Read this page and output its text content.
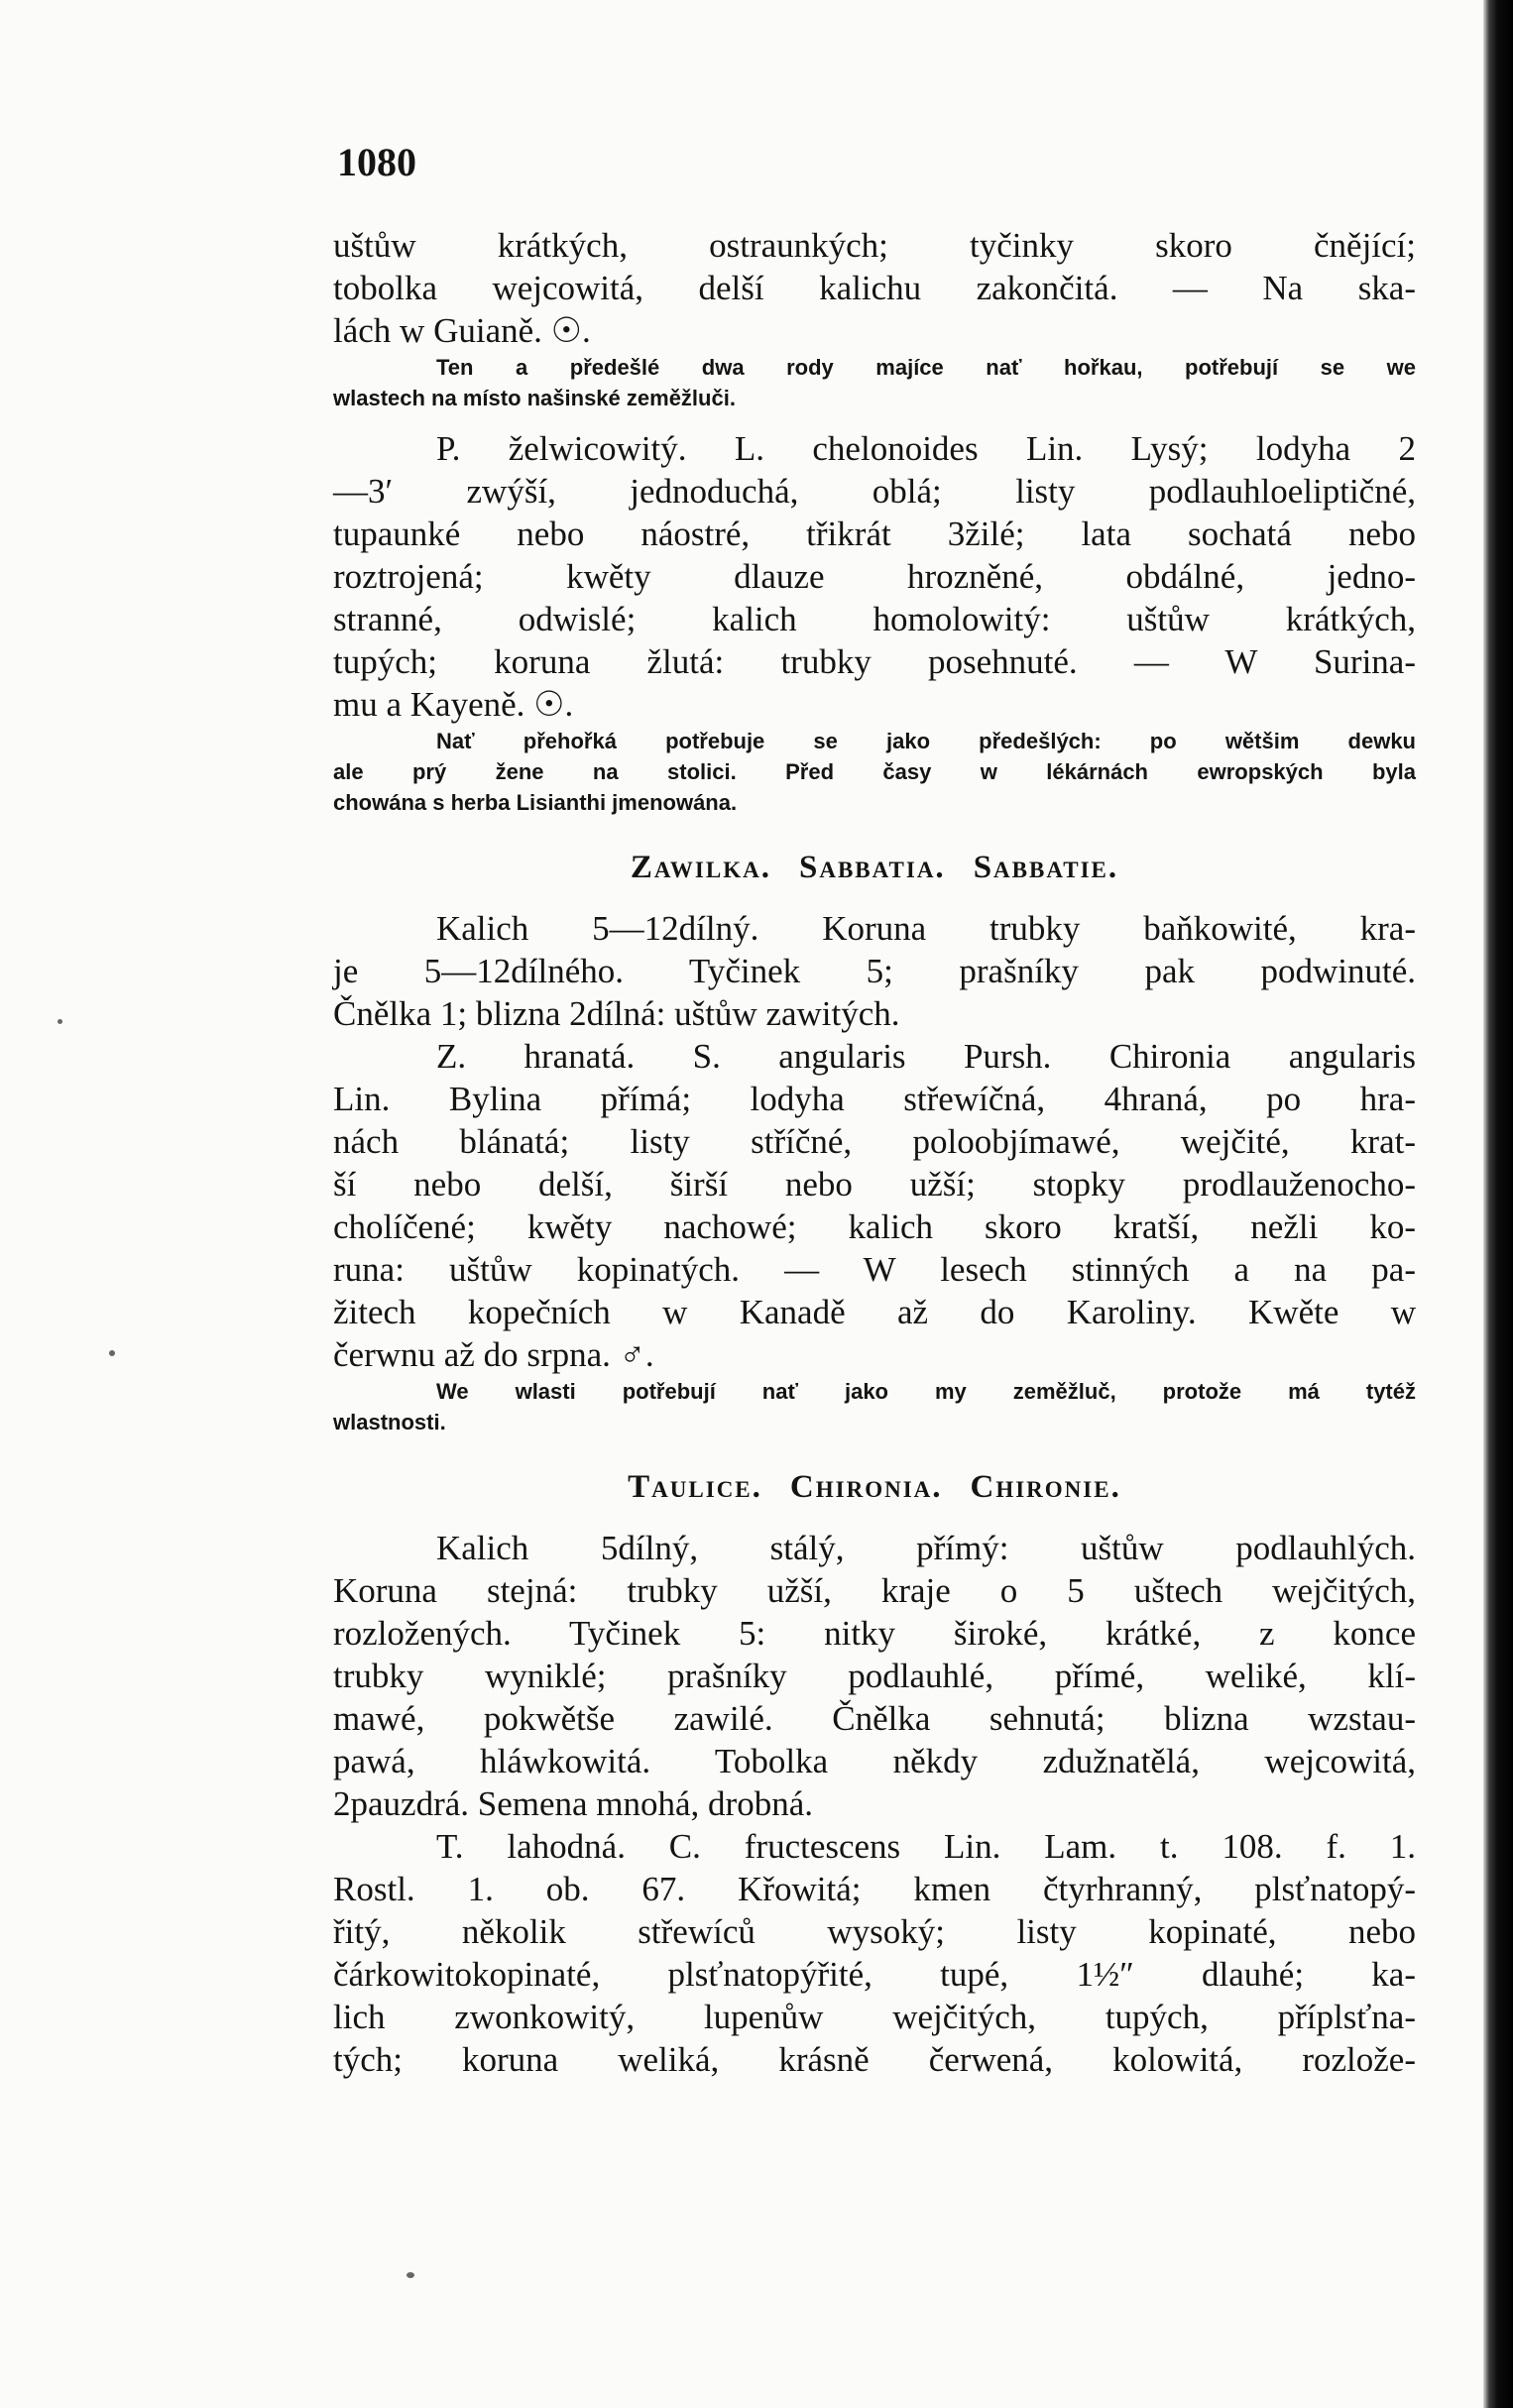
1080
uštůw krátkých, ostraunkých; tyčinky skoro čnějící;
tobolka wejcowitá, delší kalichu zakončitá. — Na ska-
lách w Guianě. ☉.
Ten a předešlé dwa rody majíce nať hořkau, potřebují se we
wlastech na místo našinské zeměžluči.
P. želwicowitý. L. chelonoides Lin. Lysý; lodyha 2
—3′ zwýší, jednoduchá, oblá; listy podlauhloeliptičné,
tupaunké nebo náostré, třikrát 3žilé; lata sochatá nebo
roztrojená; kwěty dlauze hrozněné, obdálné, jedno-
stranné, odwislé; kalich homolowitý: uštůw krátkých,
tupých; koruna žlutá: trubky posehnuté. — W Surina-
mu a Kayeně. ☉.
Nať přehořká potřebuje se jako předešlých: po wětšim dewku
ale prý žene na stolici. Před časy w lékárnách ewropských byla
chowána s herba Lisianthi jmenowána.
Zawilka. Sabbatia. Sabbatie.
Kalich 5—12dílný. Koruna trubky baňkowité, kra-
je 5—12dílného. Tyčinek 5; prašníky pak podwinuté.
Čnělka 1; blizna 2dílná: uštůw zawitých.
Z. hranatá. S. angularis Pursh. Chironia angularis
Lin. Bylina přímá; lodyha střewíčná, 4hraná, po hra-
nách blánatá; listy stříčné, poloobjímawé, wejčité, krat-
ší nebo delší, širší nebo užší; stopky prodlauženocho-
cholíčené; kwěty nachowé; kalich skoro kratší, nežli ko-
runa: uštůw kopinatých. — W lesech stinných a na pa-
žitech kopečních w Kanadě až do Karoliny. Kwěte w
čerwnu až do srpna. ♂.
We wlasti potřebují nať jako my zeměžluč, protože má tytéž
wlastnosti.
Taulice. Chironia. Chironie.
Kalich 5dílný, stálý, přímý: uštůw podlauhlých.
Koruna stejná: trubky užší, kraje o 5 uštech wejčitých,
rozložených. Tyčinek 5: nitky široké, krátké, z konce
trubky wyniklé; prašníky podlauhlé, přímé, weliké, klí-
mawé, pokwětše zawilé. Čnělka sehnutá; blizna wzstau-
pawá, hláwkowitá. Tobolka někdy zdužnatělá, wejcowitá,
2pauzdrá. Semena mnohá, drobná.
T. lahodná. C. fructescens Lin. Lam. t. 108. f. 1.
Rostl. 1. ob. 67. Křowitá; kmen čtyrhranný, plsťnatopý-
řitý, několik střewíců wysoký; listy kopinaté, nebo
čárkowitokopinaté, plsťnatopýřité, tupé, 1½″ dlauhé; ka-
lich zwonkowitý, lupenůw wejčitých, tupých, příplsťna-
tých; koruna weliká, krásně čerwená, kolowitá, rozlože-
